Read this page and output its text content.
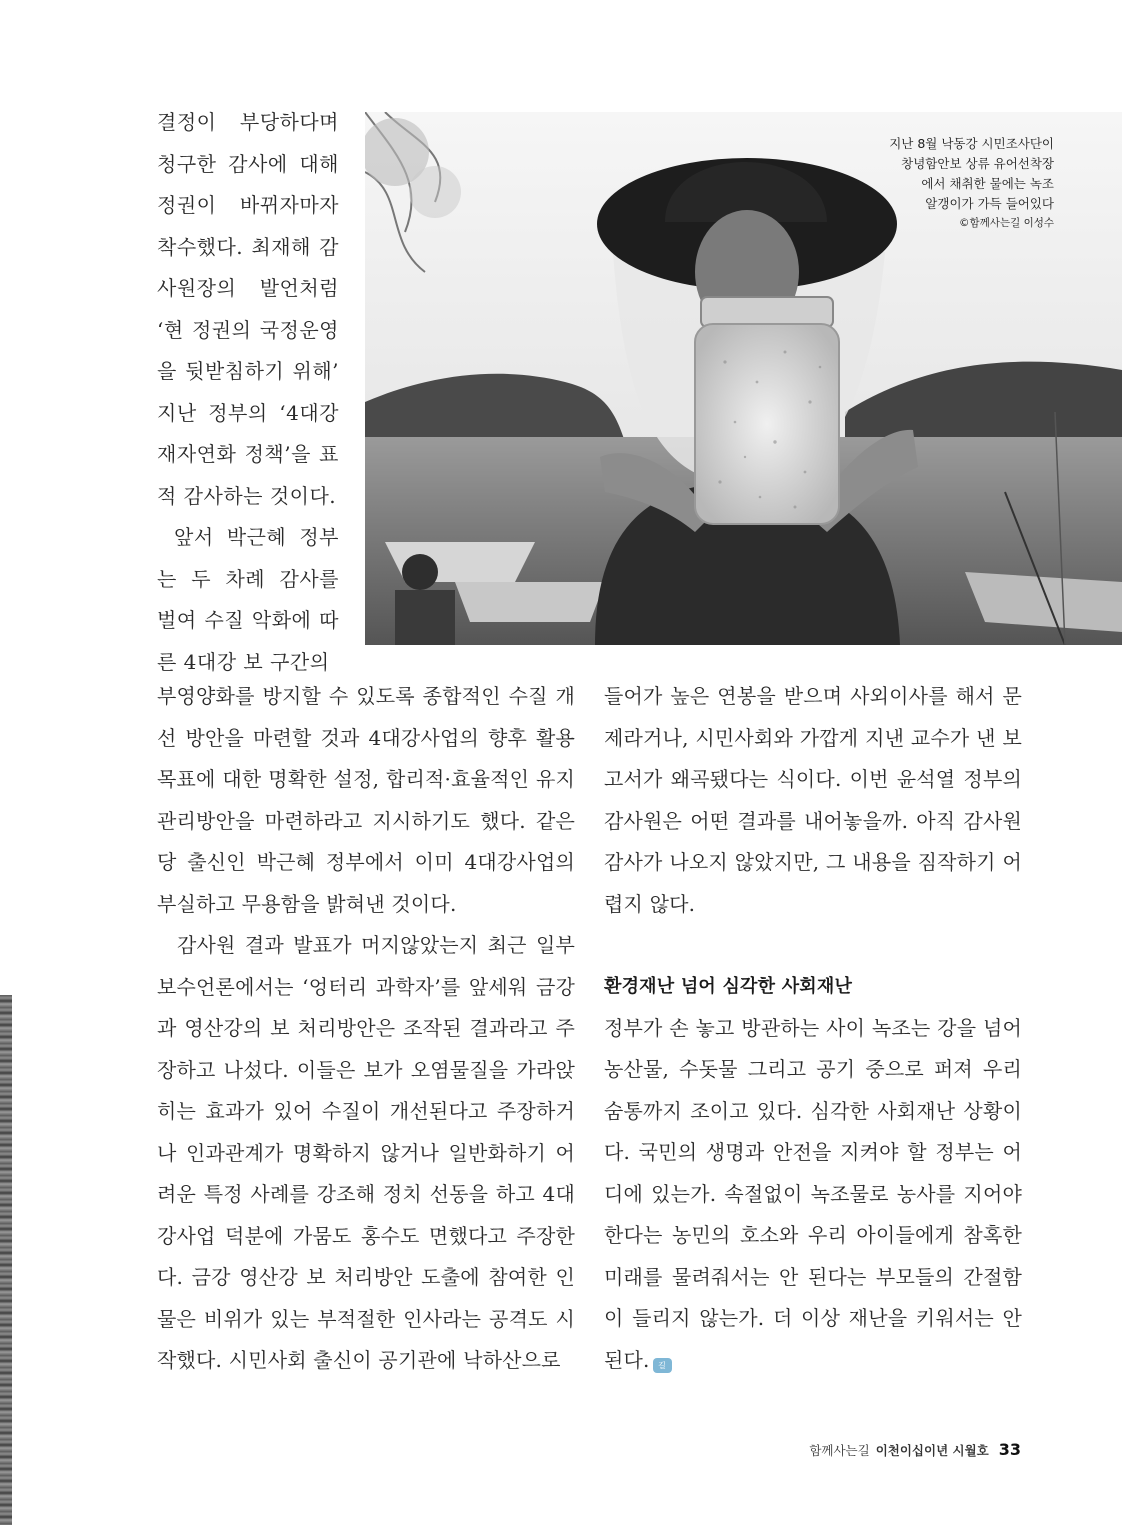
결정이 부당하다며 청구한 감사에 대해 정권이 바뀌자마자 착수했다. 최재해 감사원장의 발언처럼 ‘현 정권의 국정운영을 뒷받침하기 위해’ 지난 정부의 ‘4대강 재자연화 정책’을 표적 감사하는 것이다.

앞서 박근혜 정부는 두 차례 감사를 벌여 수질 악화에 따른 4대강 보 구간의

지난 8월 낙동강 시민조사단이
창녕함안보 상류 유어선착장
에서 채취한 물에는 녹조
알갱이가 가득 들어있다
©함께사는길 이성수

부영양화를 방지할 수 있도록 종합적인 수질 개선 방안을 마련할 것과 4대강사업의 향후 활용목표에 대한 명확한 설정, 합리적·효율적인 유지관리방안을 마련하라고 지시하기도 했다. 같은 당 출신인 박근혜 정부에서 이미 4대강사업의 부실하고 무용함을 밝혀낸 것이다.

감사원 결과 발표가 머지않았는지 최근 일부 보수언론에서는 ‘엉터리 과학자’를 앞세워 금강과 영산강의 보 처리방안은 조작된 결과라고 주장하고 나섰다. 이들은 보가 오염물질을 가라앉히는 효과가 있어 수질이 개선된다고 주장하거나 인과관계가 명확하지 않거나 일반화하기 어려운 특정 사례를 강조해 정치 선동을 하고 4대강사업 덕분에 가뭄도 홍수도 면했다고 주장한다. 금강 영산강 보 처리방안 도출에 참여한 인물은 비위가 있는 부적절한 인사라는 공격도 시작했다. 시민사회 출신이 공기관에 낙하산으로

들어가 높은 연봉을 받으며 사외이사를 해서 문제라거나, 시민사회와 가깝게 지낸 교수가 낸 보고서가 왜곡됐다는 식이다. 이번 윤석열 정부의 감사원은 어떤 결과를 내어놓을까. 아직 감사원 감사가 나오지 않았지만, 그 내용을 짐작하기 어렵지 않다.

환경재난 넘어 심각한 사회재난

정부가 손 놓고 방관하는 사이 녹조는 강을 넘어 농산물, 수돗물 그리고 공기 중으로 퍼져 우리 숨통까지 조이고 있다. 심각한 사회재난 상황이다. 국민의 생명과 안전을 지켜야 할 정부는 어디에 있는가. 속절없이 녹조물로 농사를 지어야 한다는 농민의 호소와 우리 아이들에게 참혹한 미래를 물려줘서는 안 된다는 부모들의 간절함이 들리지 않는가. 더 이상 재난을 키워서는 안 된다. 길

함께사는길 이천이십이년 시월호 33
